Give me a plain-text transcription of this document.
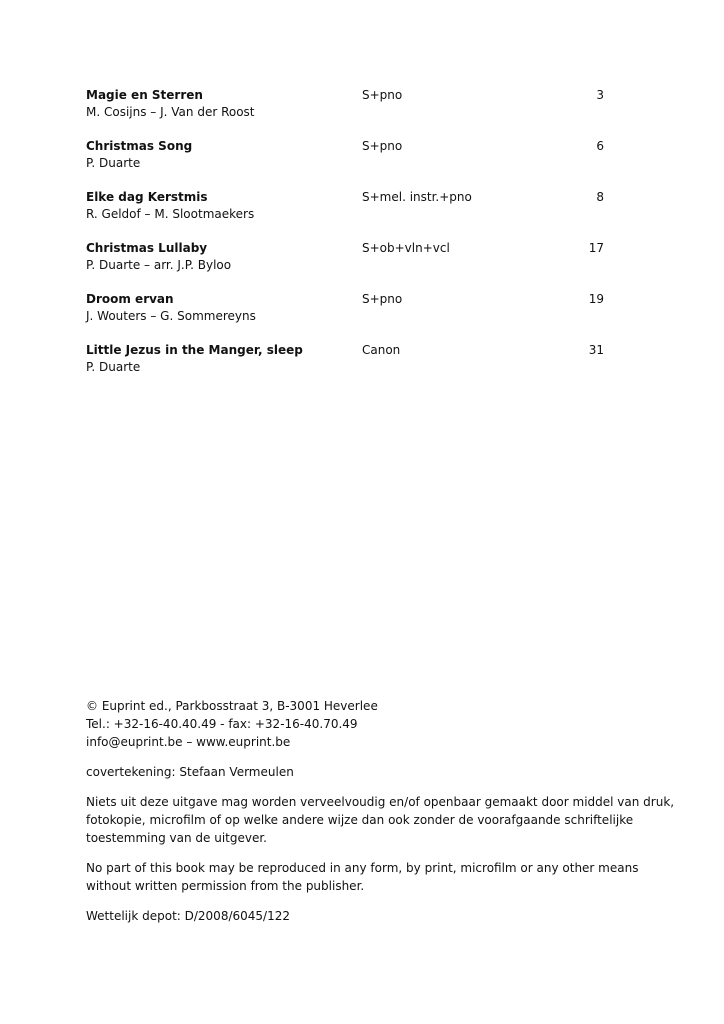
Magie en Sterren	S+pno	3
M. Cosijns – J. Van der Roost
Christmas Song	S+pno	6
P. Duarte
Elke dag Kerstmis	S+mel. instr.+pno	8
R. Geldof – M. Slootmaekers
Christmas Lullaby	S+ob+vln+vcl	17
P. Duarte – arr. J.P. Byloo
Droom ervan	S+pno	19
J. Wouters – G. Sommereyns
Little Jezus in the Manger, sleep	Canon	31
P. Duarte

© Euprint ed., Parkbosstraat 3, B-3001 Heverlee
Tel.: +32-16-40.40.49 - fax: +32-16-40.70.49
info@euprint.be – www.euprint.be

covertekening: Stefaan Vermeulen

Niets uit deze uitgave mag worden verveelvoudig en/of openbaar gemaakt door middel van druk,
fotokopie, microfilm of op welke andere wijze dan ook zonder de voorafgaande schriftelijke
toestemming van de uitgever.

No part of this book may be reproduced in any form, by print, microfilm or any other means
without written permission from the publisher.

Wettelijk depot: D/2008/6045/122
